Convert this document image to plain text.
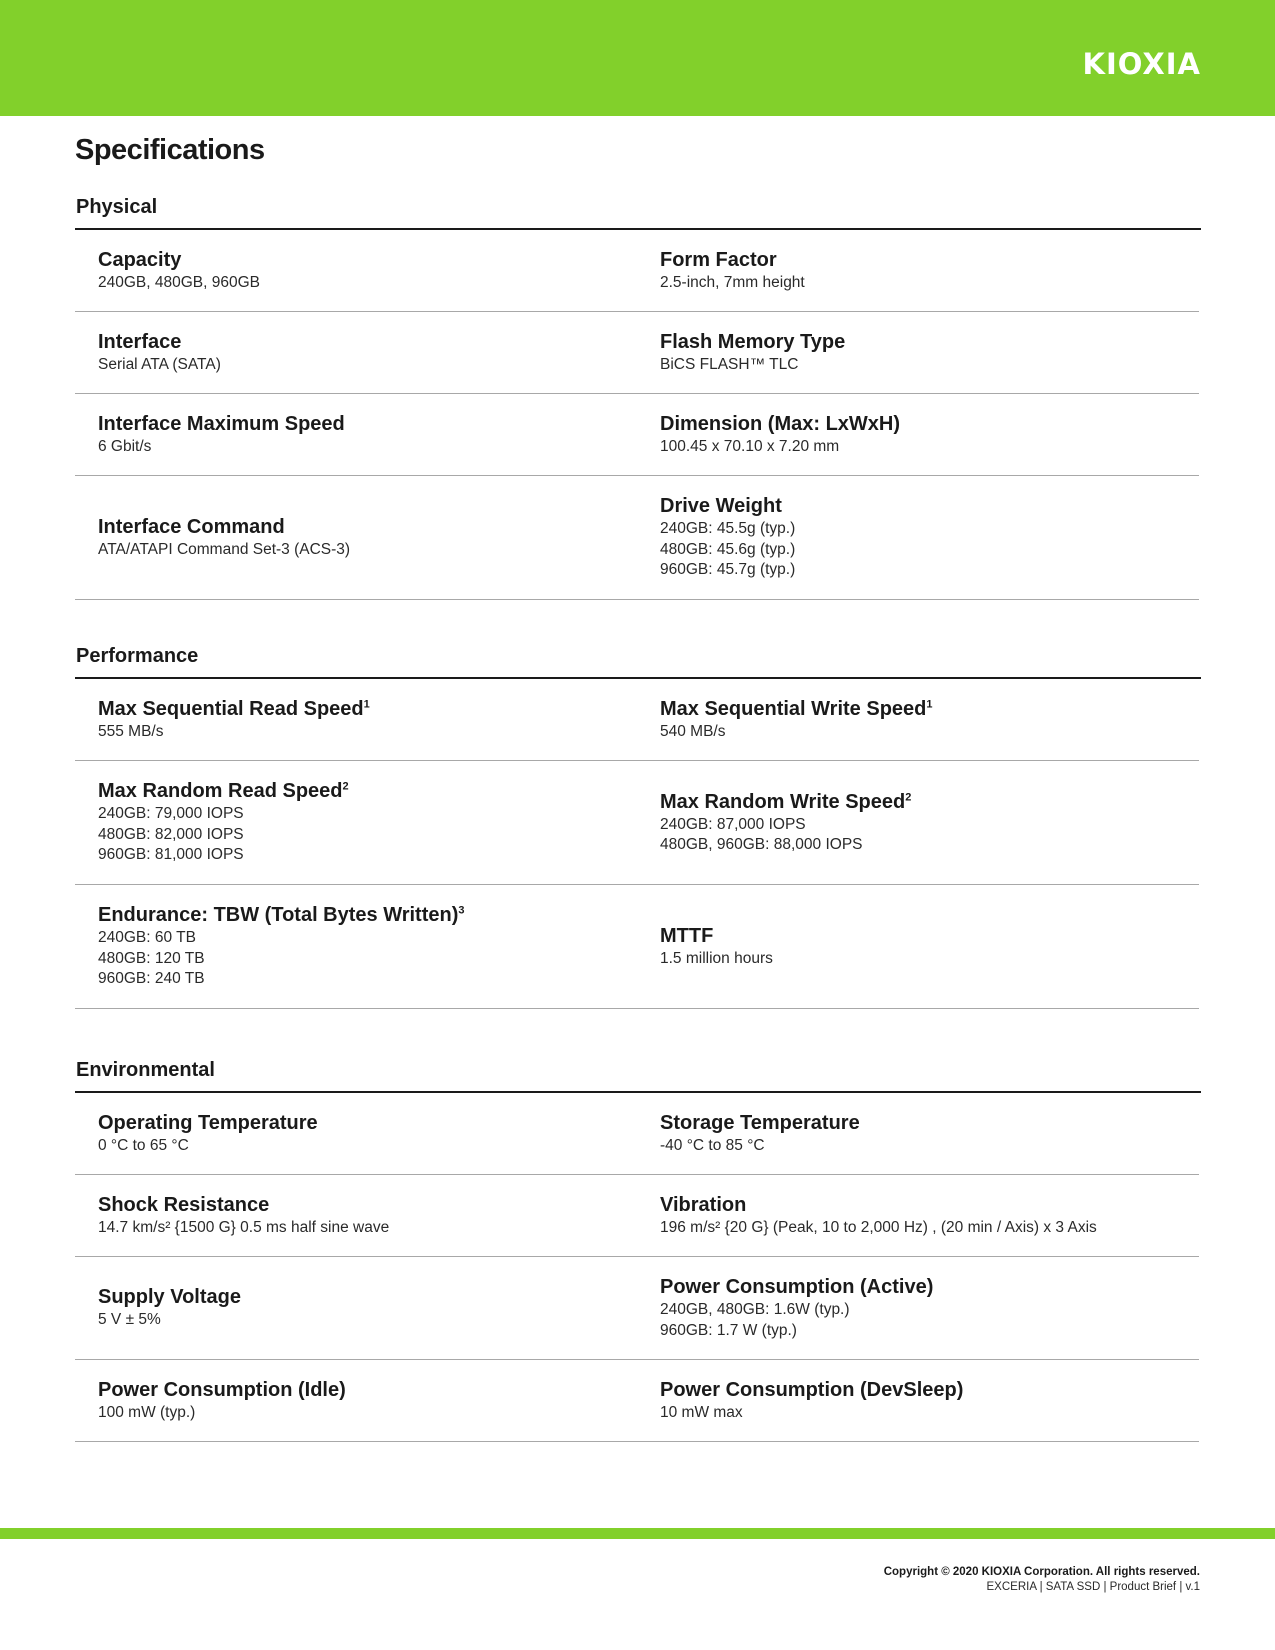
KIOXIA
Specifications
Physical
Capacity
240GB, 480GB, 960GB
Form Factor
2.5-inch, 7mm height
Interface
Serial ATA (SATA)
Flash Memory Type
BiCS FLASH™ TLC
Interface Maximum Speed
6 Gbit/s
Dimension (Max: LxWxH)
100.45 x 70.10 x 7.20 mm
Interface Command
ATA/ATAPI Command Set-3 (ACS-3)
Drive Weight
240GB: 45.5g (typ.)
480GB: 45.6g (typ.)
960GB: 45.7g (typ.)
Performance
Max Sequential Read Speed$^1$
555 MB/s
Max Sequential Write Speed$^1$
540 MB/s
Max Random Read Speed$^2$
240GB: 79,000 IOPS
480GB: 82,000 IOPS
960GB: 81,000 IOPS
Max Random Write Speed$^2$
240GB: 87,000 IOPS
480GB, 960GB: 88,000 IOPS
Endurance: TBW (Total Bytes Written)$^3$
240GB: 60 TB
480GB: 120 TB
960GB: 240 TB
MTTF
1.5 million hours
Environmental
Operating Temperature
0 °C to 65 °C
Storage Temperature
-40 °C to 85 °C
Shock Resistance
14.7 km/s² {1500 G} 0.5 ms half sine wave
Vibration
196 m/s² {20 G} (Peak, 10 to 2,000 Hz) , (20 min / Axis) x 3 Axis
Supply Voltage
5 V ± 5%
Power Consumption (Active)
240GB, 480GB: 1.6W (typ.)
960GB: 1.7 W (typ.)
Power Consumption (Idle)
100 mW (typ.)
Power Consumption (DevSleep)
10 mW max
Copyright © 2020 KIOXIA Corporation. All rights reserved.
EXCERIA | SATA SSD | Product Brief | v.1
